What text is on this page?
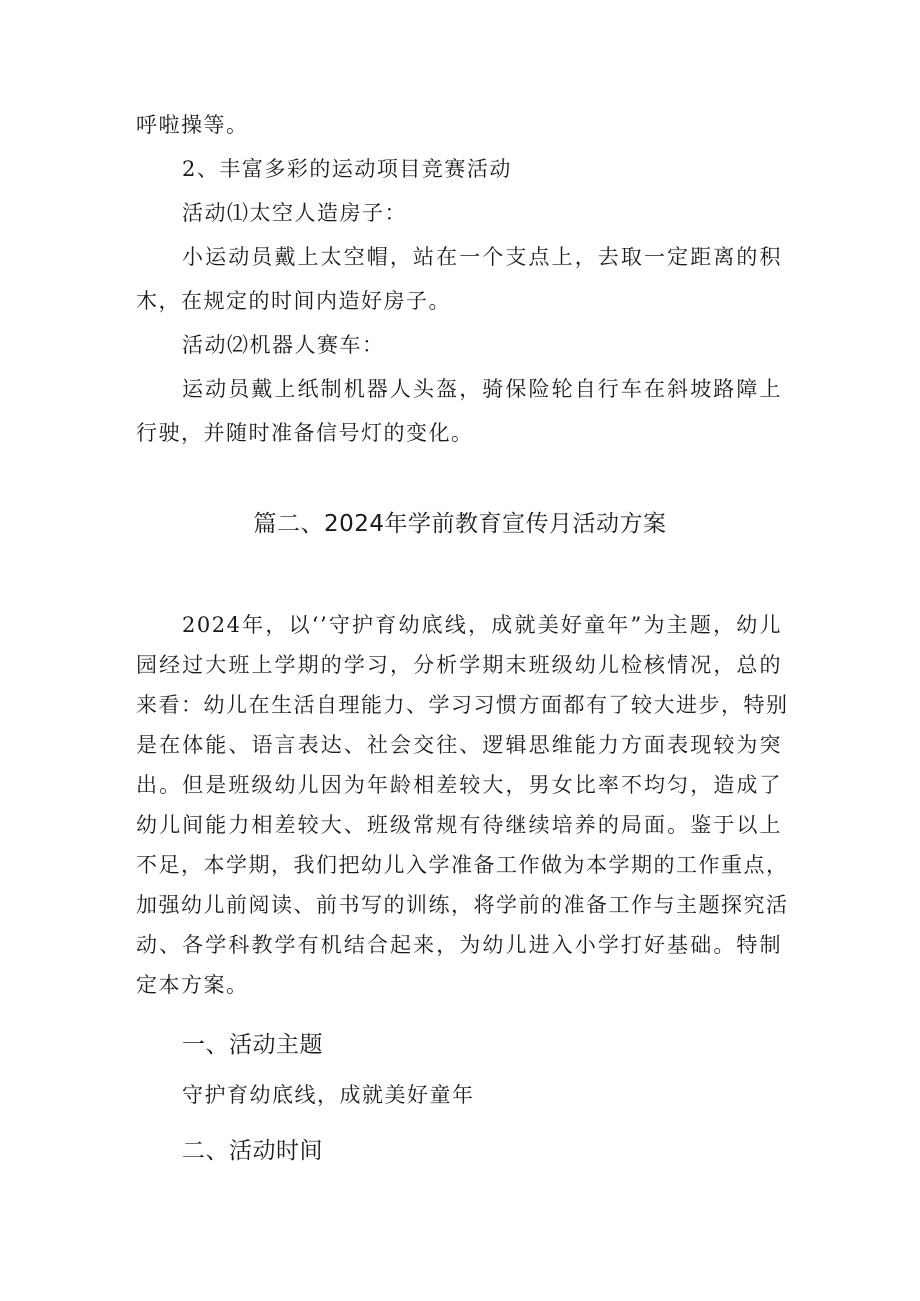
呼啦操等。
2、丰富多彩的运动项目竞赛活动
活动⑴太空人造房子：
小运动员戴上太空帽，站在一个支点上，去取一定距离的积
木，在规定的时间内造好房子。
活动⑵机器人赛车：
运动员戴上纸制机器人头盔，骑保险轮自行车在斜坡路障上
行驶，并随时准备信号灯的变化。
篇二、2024年学前教育宣传月活动方案
2024年，以‘’守护育幼底线，成就美好童年”为主题，幼儿
园经过大班上学期的学习，分析学期末班级幼儿检核情况，总的
来看：幼儿在生活自理能力、学习习惯方面都有了较大进步，特别
是在体能、语言表达、社会交往、逻辑思维能力方面表现较为突
出。但是班级幼儿因为年龄相差较大，男女比率不均匀，造成了
幼儿间能力相差较大、班级常规有待继续培养的局面。鉴于以上
不足，本学期，我们把幼儿入学准备工作做为本学期的工作重点，
加强幼儿前阅读、前书写的训练，将学前的准备工作与主题探究活
动、各学科教学有机结合起来，为幼儿进入小学打好基础。特制
定本方案。
一、活动主题
守护育幼底线，成就美好童年
二、活动时间
